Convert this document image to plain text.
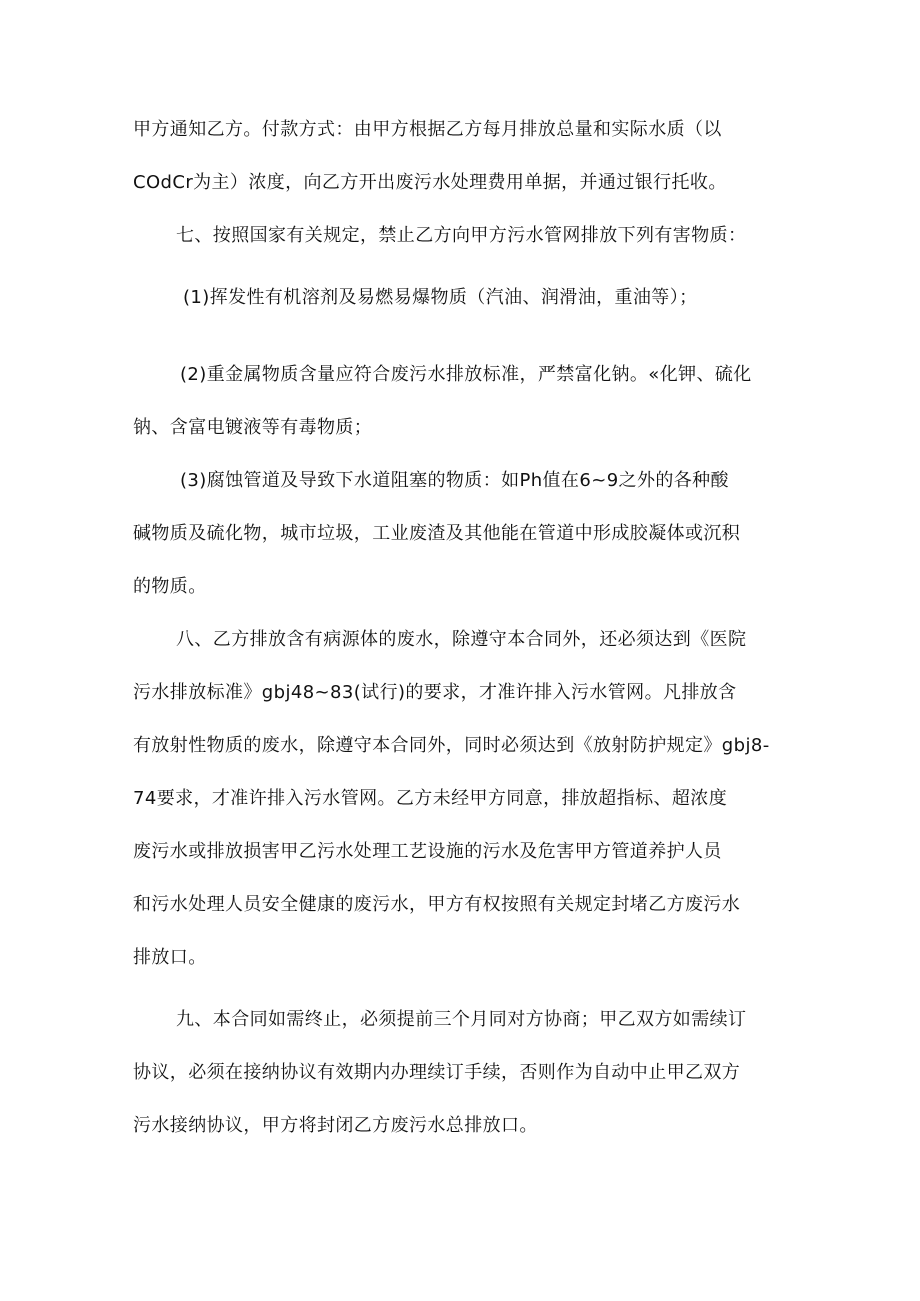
甲方通知乙方。付款方式：由甲方根据乙方每月排放总量和实际水质（以

COdCr为主）浓度，向乙方开出废污水处理费用单据，并通过银行托收。

七、按照国家有关规定，禁止乙方向甲方污水管网排放下列有害物质：

(1)挥发性有机溶剂及易燃易爆物质（汽油、润滑油，重油等）；

(2)重金属物质含量应符合废污水排放标准，严禁富化钠。«化钾、硫化

钠、含富电镀液等有毒物质；

(3)腐蚀管道及导致下水道阻塞的物质：如Ph值在6~9之外的各种酸

碱物质及硫化物，城市垃圾，工业废渣及其他能在管道中形成胶凝体或沉积

的物质。

八、乙方排放含有病源体的废水，除遵守本合同外，还必须达到《医院

污水排放标准》gbj48~83(试行)的要求，才准许排入污水管网。凡排放含

有放射性物质的废水，除遵守本合同外，同时必须达到《放射防护规定》gbj8-

74要求，才准许排入污水管网。乙方未经甲方同意，排放超指标、超浓度

废污水或排放损害甲乙污水处理工艺设施的污水及危害甲方管道养护人员

和污水处理人员安全健康的废污水，甲方有权按照有关规定封堵乙方废污水

排放口。

九、本合同如需终止，必须提前三个月同对方协商；甲乙双方如需续订

协议，必须在接纳协议有效期内办理续订手续，否则作为自动中止甲乙双方

污水接纳协议，甲方将封闭乙方废污水总排放口。
